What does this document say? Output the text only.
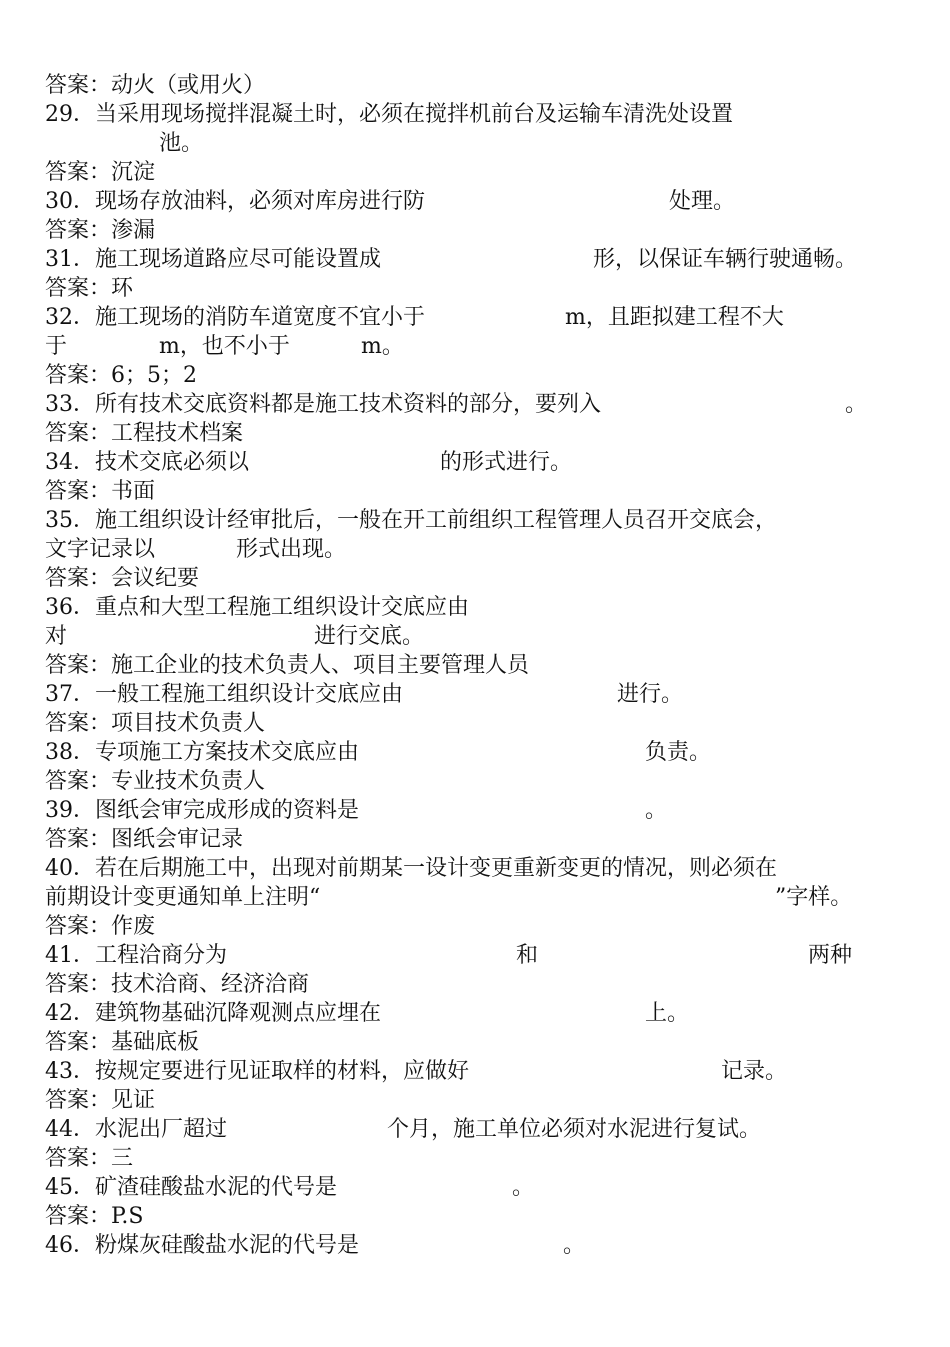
答案：动火（或用火）
29．当采用现场搅拌混凝土时，必须在搅拌机前台及运输车清洗处设置
池。
答案：沉淀

30．现场存放油料，必须对库房进行防

	处理。

答案：渗漏

31．施工现场道路应尽可能设置成

	形，以保证车辆行驶通畅。

答案：环

32．施工现场的消防车道宽度不宜小于

	m，且距拟建工程不大

于

	m，也不小于

	m。

答案：6；5；2

33．所有技术交底资料都是施工技术资料的部分，要列入

	。

答案：工程技术档案

34．技术交底必须以

	的形式进行。

答案：书面
35．施工组织设计经审批后，一般在开工前组织工程管理人员召开交底会，

文字记录以

	形式出现。

答案：会议纪要
36．重点和大型工程施工组织设计交底应由

对

	进行交底。

答案：施工企业的技术负责人、项目主要管理人员

37．一般工程施工组织设计交底应由

	进行。

答案：项目技术负责人

38．专项施工方案技术交底应由

	负责。

答案：专业技术负责人

39．图纸会审完成形成的资料是

	。

答案：图纸会审记录
40．若在后期施工中，出现对前期某一设计变更重新变更的情况，则必须在

前期设计变更通知单上注明“

	”字样。

答案：作废

41．工程洽商分为

	和

	两种

答案：技术洽商、经济洽商

42．建筑物基础沉降观测点应埋在

	上。

答案：基础底板

43．按规定要进行见证取样的材料，应做好

	记录。

答案：见证

44．水泥出厂超过

	个月，施工单位必须对水泥进行复试。

答案：三

45．矿渣硅酸盐水泥的代号是

	。

答案：P.S

46．粉煤灰硅酸盐水泥的代号是

	。
